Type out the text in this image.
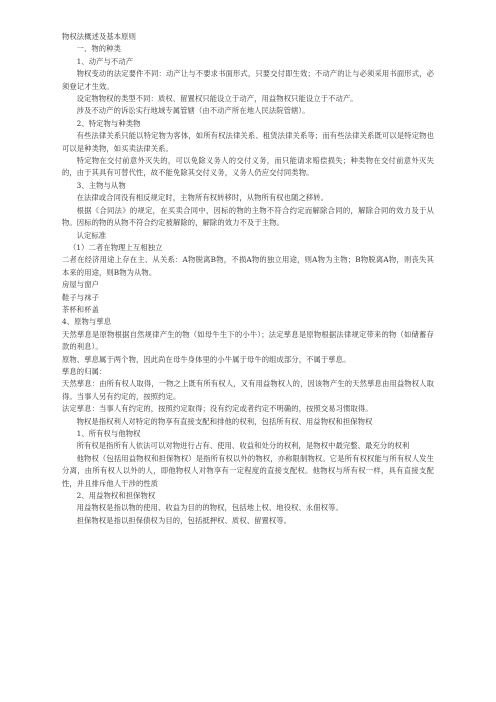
物权法概述及基本原则

一、物的种类

1、动产与不动产

物权变动的法定要件不同：动产让与不要求书面形式，只要交付即生效；不动产的让与必须采用书面形式，必须登记才生效。

设定物物权的类型不同：质权、留置权只能设立于动产，用益物权只能设立于不动产。

涉及不动产的诉讼实行地域专属管辖（由不动产所在地人民法院管辖）。

2、特定物与种类物

有些法律关系只能以特定物为客体，如所有权法律关系、租赁法律关系等；而有些法律关系既可以是特定物也可以是种类物，如买卖法律关系。

特定物在交付前意外灭失的，可以免除义务人的交付义务，而只能请求赔偿损失；种类物在交付前意外灭失的，由于其具有可替代性，故不能免除其交付义务，义务人仍应交付同类物。

3、主物与从物

在法律或合同没有相反规定时，主物所有权转移时，从物所有权也随之移转。

根据《合同法》的规定，在买卖合同中，因标的物的主物不符合约定而解除合同的，解除合同的效力及于从物。因标的物的从物不符合约定被解除的，解除的效力不及于主物。

认定标准

（1）二者在物理上互相独立

二者在经济用途上存在主、从关系：A物脱离B物，不损A物的独立用途，则A物为主物；B物脱离A物，则丧失其本来的用途，则B物为从物。

房屋与窗户

鞋子与袜子

茶杯和杯盖

4、原物与孳息

天然孳息是原物根据自然规律产生的物（如母牛生下的小牛）；法定孳息是原物根据法律规定带来的物（如储蓄存款的利息）。

原物、孳息属于两个物，因此尚在母牛身体里的小牛属于母牛的组成部分，不属于孳息。

孳息的归属：

天然孳息：由所有权人取得，一物之上既有所有权人，又有用益物权人的，因该物产生的天然孳息由用益物权人取得。当事人另有约定的，按照约定。

法定孳息：当事人有约定的，按照约定取得；没有约定或者约定不明确的，按照交易习惯取得。

物权是指权利人对特定的物享有直接支配和排他的权利，包括所有权、用益物权和担保物权

1、所有权与他物权

所有权是指所有人依法可以对物进行占有、使用、收益和处分的权利，是物权中最完整、最充分的权利

他物权（包括用益物权和担保物权）是指所有权以外的物权，亦称限制物权。它是所有权权能与所有权人发生分离，由所有权人以外的人，即他物权人对物享有一定程度的直接支配权。他物权与所有权一样，具有直接支配性，并且排斥他人干涉的性质

2、用益物权和担保物权

用益物权是指以物的使用、收益为目的的物权，包括地上权、地役权、永佃权等。

担保物权是指以担保债权为目的，包括抵押权、质权、留置权等。
